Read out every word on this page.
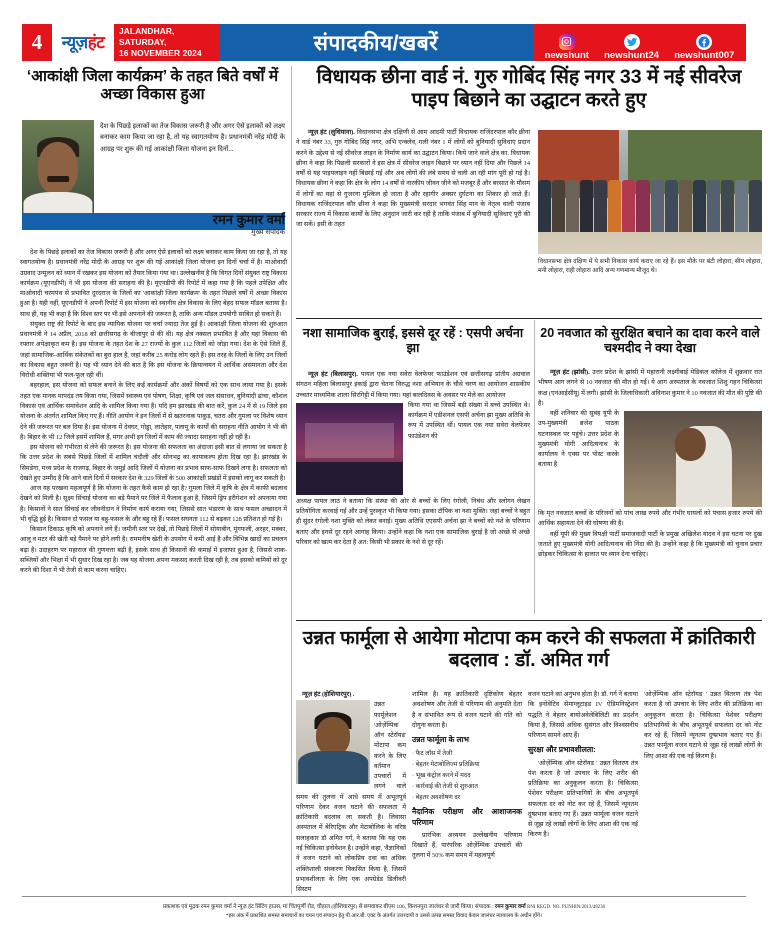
4	न्यूज़हंट
JALANDHAR, SATURDAY,
16 NOVEMBER 2024	संपादकीय/खबरें
newshunt newshunt24 newshunt007
‘आकांक्षी जिला कार्यक्रम’ के तहत बिते वर्षों में अच्छा विकास हुआ
देश के पिछड़े इलाकों का तेज विकास जरूरी है और अगर ऐसे इलाकों को लक्ष्य बनाकर काम किया जा रहा है, तो यह स्वागतयोग्य है। प्रधानमंत्री नरेंद्र मोदी के आग्रह पर शुरू की गई आकांक्षी जिला योजना इन दिनों...
रमन कुमार वर्मा
मुख्य संपादक

देश के पिछड़े इलाकों का तेज विकास जरूरी है और अगर ऐसे इलाकों को लक्ष्य बनाकर काम किया जा रहा है, तो यह स्वागतयोग्य है। प्रधानमंत्री नरेंद्र मोदी के आग्रह पर शुरू की गई आकांक्षी जिला योजना इन दिनों चर्चा में है। माओवादी उग्रवाद उन्मूलन को ध्यान में रखकर इस योजना को तैयार किया गया था। उल्लेखनीय है कि विगत दिनों संयुक्त राष्ट्र विकास कार्यक्रम (यूएनडीपी) ने भी इस योजना की सराहना की है। यूएनडीपी की रिपोर्ट में कहा गया है कि पहले उपेक्षित और माओवादी चरमपंथ से प्रभावित दूरदराज के जिलों का 'आकांक्षी जिला कार्यक्रम' के तहत पिछले वर्षों में अच्छा विकास हुआ है। यही नहीं, यूएनडीपी ने अपनी रिपोर्ट में इस योजना को स्थानीय क्षेत्र विकास के लिए बेहद सफल मॉडल बताया है। साथ ही, यह भी कहा है कि विश्व स्तर पर भी इसे अपनाने की जरूरत है, ताकि अन्य मॉडल उपयोगी साबित हो सकते हैं।

संयुक्त राष्ट्र की रिपोर्ट के बाद इस न्यायिक योजना पर चर्चा ज्यादा तेज हुई है। आकांक्षी जिला योजना की शुरुआत प्रधानमंत्री ने 14 अप्रैल, 2018 को छत्तीसगढ़ के बीजापुर से की थी। यह क्षेत्र नक्सल प्रभावित है और यहां विकास की रफ्तार अपेक्षाकृत कम है। इस योजना के तहत देश के 27 राज्यों के कुल 112 जिलों को जोड़ा गया। देश के ऐसे जिले हैं, जहां सामाजिक-आर्थिक संकेतकों का बुरा हाल है, जहां करीब 25 करोड़ लोग रहते हैं। इस तरह के जिलों के लिए उन जिलों का विकास बहुत जरूरी है। यह भी ध्यान देने की बात है कि इस योजना के क्रियान्वयन में आर्थिक असमानता और देश विरोधी शक्तियां भी फल-फूल रही थीं।

बहरहाल, इस योजना को सफल बनाने के लिए कई कार्यक्रमों और अंकों विषयों को एक साथ लाया गया है। इसके तहत एक मानक मापदंड तय किया गया, जिसमें स्वास्थ्य एवं पोषण, शिक्षा, कृषि एवं जल संसाधन, बुनियादी ढांचा, कौशल विकास एवं आर्थिक समावेशन आदि के शामिल किया गया है। यदि हम झारखंड की बात करें, कुल 24 में से 19 जिले इस योजना के अंतर्गत शामिल किए गए हैं। नीति आयोग ने इन जिलों में से खतरनाक पाकुड़, चतरा और गुमला पर विशेष ध्यान देने की जरूरत पर बल दिया है। इस योजना में देवघर, गोड्डा, लातेहार, पलामू के कार्यों की सराहना नीति आयोग ने भी की है। बिहार के भी 12 जिले इसमें शामिल हैं, मगर अभी इन जिलों में काम की ज्यादा सराहना नहीं हो रही है।

इस योजना को गंभीरता से लेने की जरूरत है। इस योजना की सफलता का अंदाजा इसी बात से लगाया जा सकता है कि उत्तर प्रदेश के सबसे पिछड़े जिलों में शामिल चंदौली और सोनभद्र का कायाकल्प होता दिख रहा है। झारखंड के सिमडेगा, मध्य प्रदेश के राजगढ़, बिहार के जमुई आदि जिलों में योजना का प्रभाव साफ-साफ दिखने लगा है। सफलता को देखते हुए उम्मीद है कि आने वाले दिनों में सरकार देश के 329 जिलों के 500 आकांक्षी प्रखंडों में इसको लागू कर सकती है।

आज यह परखना महत्वपूर्ण है कि योजना के तहत कैसे काम हो रहा है? गुमला जिले में कृषि के क्षेत्र में काफी बदलाव देखने को मिली है। सूक्ष्म सिंचाई योजना का बड़े पैमाने पर जिले में फैलाव हुआ है, जिसमें ड्रिप इरीगेशन को अपनाया गया है। किसानों ने सात सिंचाई कर जीवनीदान ने निर्माण कार्य कराया गया, जिससे सात भंडारण के साथ फसल अच्छादन में भी वृद्धि हुई है। किसान दो फसल या बहु-फसल के और बहु रहे हैं। फसल सघनता 112 से बढ़कर 128 प्रतिशत हो गई है।

किसान टिकाऊ कृषि को अपनाने लगे हैं। जमीनी स्तर पर देखें, तो पिछड़े जिलों में सोयाबीन, मूंगफली, अरहर, मक्का, आलू व मटर की खेती बड़े पैमाने पर होने लगी है। राममनीष खेती के उपयोग में कमी आई है और विभिन्न खादों का प्रचलन बढ़ा है। उदाहरण पर महाराज की गुणवत्ता बढ़ी है, इसके साथ ही किसानों की कमाई में इजाफा हुआ है, जिससे शाक-सब्जियों और भिक्षा में भी सुधार दिख रहा है। जब यह योजना अपना मकसद करती दिख रही है, तब इसको कमियों को दूर करने की दिशा में भी तेजी से काम करना चाहिए।

विधायक छीना वार्ड नं. गुरु गोबिंद सिंह नगर 33 में नई सीवरेज पाइप बिछाने का उद्घाटन करते हुए

न्यूज़ हंट (लुधियाना). विधानसभा क्षेत्र दक्षिणी से आम आदमी पार्टी विधायक राजिंदरपाल कौर छीना ने वार्ड नंबर 33, गुरु गोबिंद सिंह नगर, अभि एन्क्लेव, गली नंबर 1 में लोगों को बुनियादी सुविधाएं प्रदान करने के उद्देश्य से नई सीवरेज लाइन के निर्माण कार्य का उद्घाटन किया। किये जाने वाले क्षेत्र का. विधायक छीना ने कहा कि पिछली सरकारों ने इस क्षेत्र में सीवरेज लाइन बिछाने पर ध्यान नहीं दिया और पिछले 14 वर्षों से यह पाइपलाइन नहीं बिछाई गई और अब लोगों की लंबे समय से चली आ रही मांग पूरी हो गई है। विधायक छीना ने कहा कि क्षेत्र के लोग 14 वर्षों से नारकीय जीवन जीने को मजबूर हैं और बरसात के मौसम में लोगों का यहां से गुजरना मुश्किल हो जाता है और रहागीर अक्सर दुर्घटना का शिकार हो जाते हैं। विधायक राजिंदरपाल कौर छीना ने कहा कि मुख्यमंत्री सरदार भगवंत सिंह मान के नेतृत्व वाली पंजाब सरकार राज्य में विकास कार्यों के लिए अनुदान जारी कर रही है ताकि पंजाब में बुनियादी सुविधाएं पूरी की जा सकें। इसी के तहत

विधानसभा क्षेत्र दक्षिण में ये सभी विकास कार्य कराए जा रहे हैं। इस मौके पर बंटी लोहारा, सीप लोहारा, मनी लोहारा, राही लोहारा आदि अन्य गणमान्य मौजूद थे।
नशा सामाजिक बुराई, इससे दूर रहें : एसपी अर्चना झा

न्यूज़ हंट (बिलासपुर). पायल एक नया सवेरा वेलफेयर फाउंडेशन एवं छत्तीसगढ़ प्रांतीय अग्रवाल संगठन महिला बिलासपुर इकाई द्वारा चेतना विरुद्ध नशा अभियान के चौथे चरण का आयोजन शासकीय उच्चतर माध्यमिक शाला सिरगिट्टी में किया गया। यहां बालदिवस के अवसर पर मेले का आयोजन

किया गया था जिसमें बड़ी संख्या में बच्चे उपस्थित थे। कार्यक्रम में एडीशनल एसपी अर्चना झा मुख्य अतिथि के रूप में उपस्थित थीं। पायल एक नया सवेरा वेलफेयर फाउंडेशन की

अध्यक्ष पायल लाठ ने बताया कि संस्था की ओर से बच्चों के लिए रंगोली, निबंध और स्लोगन लेखन प्रतियोगिता करवाई गई और उन्हें पुरस्कृत भी किया गया। इसका टॉपिक था नशा मुक्ति। जहां बच्चों ने बहुत ही सुंदर रंगोली नशा मुक्ति को लेकर बनाई। मुख्य अतिथि एएसपी अर्चना झा ने बच्चों को नशे के परिणाम बताए और इनसे दूर रहने आगाह किया। उन्होंने कहा कि नशा एक सामाजिक बुराई है जो अच्छे से अच्छे परिवार को खत्म कर देता है अत: किसी भी प्रकार के नशे से दूर रहें।

20 नवजात को सुरक्षित बचाने का दावा करने वाले चश्मदीद ने क्या देखा

न्यूज़ हंट (झांसी). उत्तर प्रदेश के झांसी में महारानी लक्ष्मीबाई मेडिकल कॉलेज में शुक्रवार रात भीषण आग लगने से 10 नवजात की मौत हो गई। ये आग अस्पताल के नवजात शिशु गहन चिकित्सा कक्ष (एनआईसीयू) में लगी। झांसी के जिलाधिकारी अविनाश कुमार ने 10 नवजात की मौत की पुष्टि की है।

वहीं शनिवार की सुबह यूपी के उप-मुख्यमंत्री ब्रजेश पाठक घटनास्थल पर पहुंचे। उत्तर प्रदेश के मुख्यमंत्री योगी आदित्यनाथ के कार्यालय ने एक्स पर पोस्ट करके बताया है

कि मृत नवजात बच्चों के परिजनों को पांच लाख रुपये और गंभीर घायलों को पचास हजार रुपये की आर्थिक सहायता देने की घोषणा की है।

वहीं यूपी की मुख्य विपक्षी पार्टी समाजवादी पार्टी के प्रमुख अखिलेश यादव ने इस घटना पर दुख जताते हुए मुख्यमंत्री योगी आदित्यनाथ की निंदा की है। उन्होंने कहा है कि मुख्यमंत्री को चुनाव प्रचार छोड़कर चिकित्सा के हालात पर ध्यान देना चाहिए।

उन्नत फार्मूला से आयेगा मोटापा कम करने की सफलता में क्रांतिकारी बदलाव : डॉ. अमित गर्ग

न्यूज़ हंट (होशियारपुर) .

उन्नत फार्मूलेशन 'ओज़ेंम्पिक ऑन स्टेरॉयड' मोटापा कम करने के लिए वर्तमान उपचारों में लगने वाले समय की तुलना में आधे समय में अभूतपूर्व परिणाम देकर वजन घटाने की सफलता में क्रांतिकारी बदलाव ला सकती है। लिवासा अस्पताल में बेरिएट्रिक और मेटाबोलिक के वरिष्ठ सलाहकार डॉ अमित गर्ग, ने बताया कि यह एक नई चिकित्सा इनोवेशन है। उन्होंने कहा, 'वैज्ञानिकों ने वजन घटाने को लोकप्रिय दवा का अधिक शक्तिशाली संस्करण विकसित किया है, जिसमें प्रभावशीलता के लिए एक अपग्रेडेड डिलीवरी सिस्टम

शामिल है। यह क्रांतिकारी दृष्टिकोण बेहतर अवशोषण और तेजी से परिणाम की अनुमति देता है व संभावित रूप से वजन घटाने की गति को दोगुना करता है।

उन्नत फार्मूला के लाभ
· फैट लॉस में तेजी
· बेहतर मेटाबोलिज्म प्रतिक्रिया
· भूख कंट्रोल करने में मदद
· कार्रवाई की तेजी से शुरुआत
· बेहतर अवशोषण दर
नैदानिक परीक्षण और आशाजनक परिणाम

प्रारंभिक अध्ययन उल्लेखनीय परिणाम दिखाते हैं, पारंपरिक ओज़ेंम्पिक उपचारों की तुलना में 50% कम समय में महत्वपूर्ण

वजन घटाने का अनुभव होता है। डॉ. गर्ग ने बताया कि इनोवेटिव सेमाग्लूटाइड IV ऐडिमनिस्ट्रेशन पद्धति ने बेहतर बायोअवेलेबिलिटी का प्रदर्शन किया है, जिससे अधिक सुसंगत और विश्वसनीय परिणाम सामने आए हैं।

सुरक्षा और प्रभावशीलता:

'ओज़ेंम्पिक ऑन स्टेरॉयड ' उन्नत वितरण तंत्र पेश करता है जो उपचार के लिए शरीर की प्रतिक्रिया का अनुकूलन करता है। चिकित्सा पेशेवर परीक्षण प्रतिभागियों के बीच अभूतपूर्व सफलता दर को नोट कर रहे हैं, जिसमें न्यूनतम दुष्प्रभाव बताए गए हैं। उन्नत फार्मूला वजन घटाने से जूझ रहे लाखों लोगों के लिए आशा की एक नई किरण है।

'ओज़ेंम्पिक ऑन स्टेरॉयड ' उन्नत वितरण तंत्र पेश करता है जो उपचार के लिए शरीर की प्रतिक्रिया का अनुकूलन करता है। चिकित्सा पेशेवर परीक्षण प्रतिभागियों के बीच अभूतपूर्व सफलता दर को नोट कर रहे हैं, जिसमें न्यूनतम दुष्प्रभाव बताए गए हैं। उन्नत फार्मूला वजन घटाने से जूझ रहे लाखों लोगों के लिए आशा की एक नई किरण है।

प्रकाशक एवं मुद्रक रमन कुमार वर्मा ने न्यूज़ हंट प्रिंटिंग हाउस, मां चिंतपूर्णी रोड, चौहाल (होशियारपुर) से छपवाकर बीएस 106, किशनपुरा जालंधर से जारी किया। संपादक : रमन कुमार वर्मा RNI REGD. NO. PUNHIN/2013/48236
*इस अंक में प्रकाशित समस्त समाचारों का चयन एवं संपादन हेतु पी.आर.बी. एक्ट के अंतर्गत उत्तरदायी व उससे उत्पन्न समस्त विवाद केवल जालंधर न्यायालय के अधीन होंगे।
